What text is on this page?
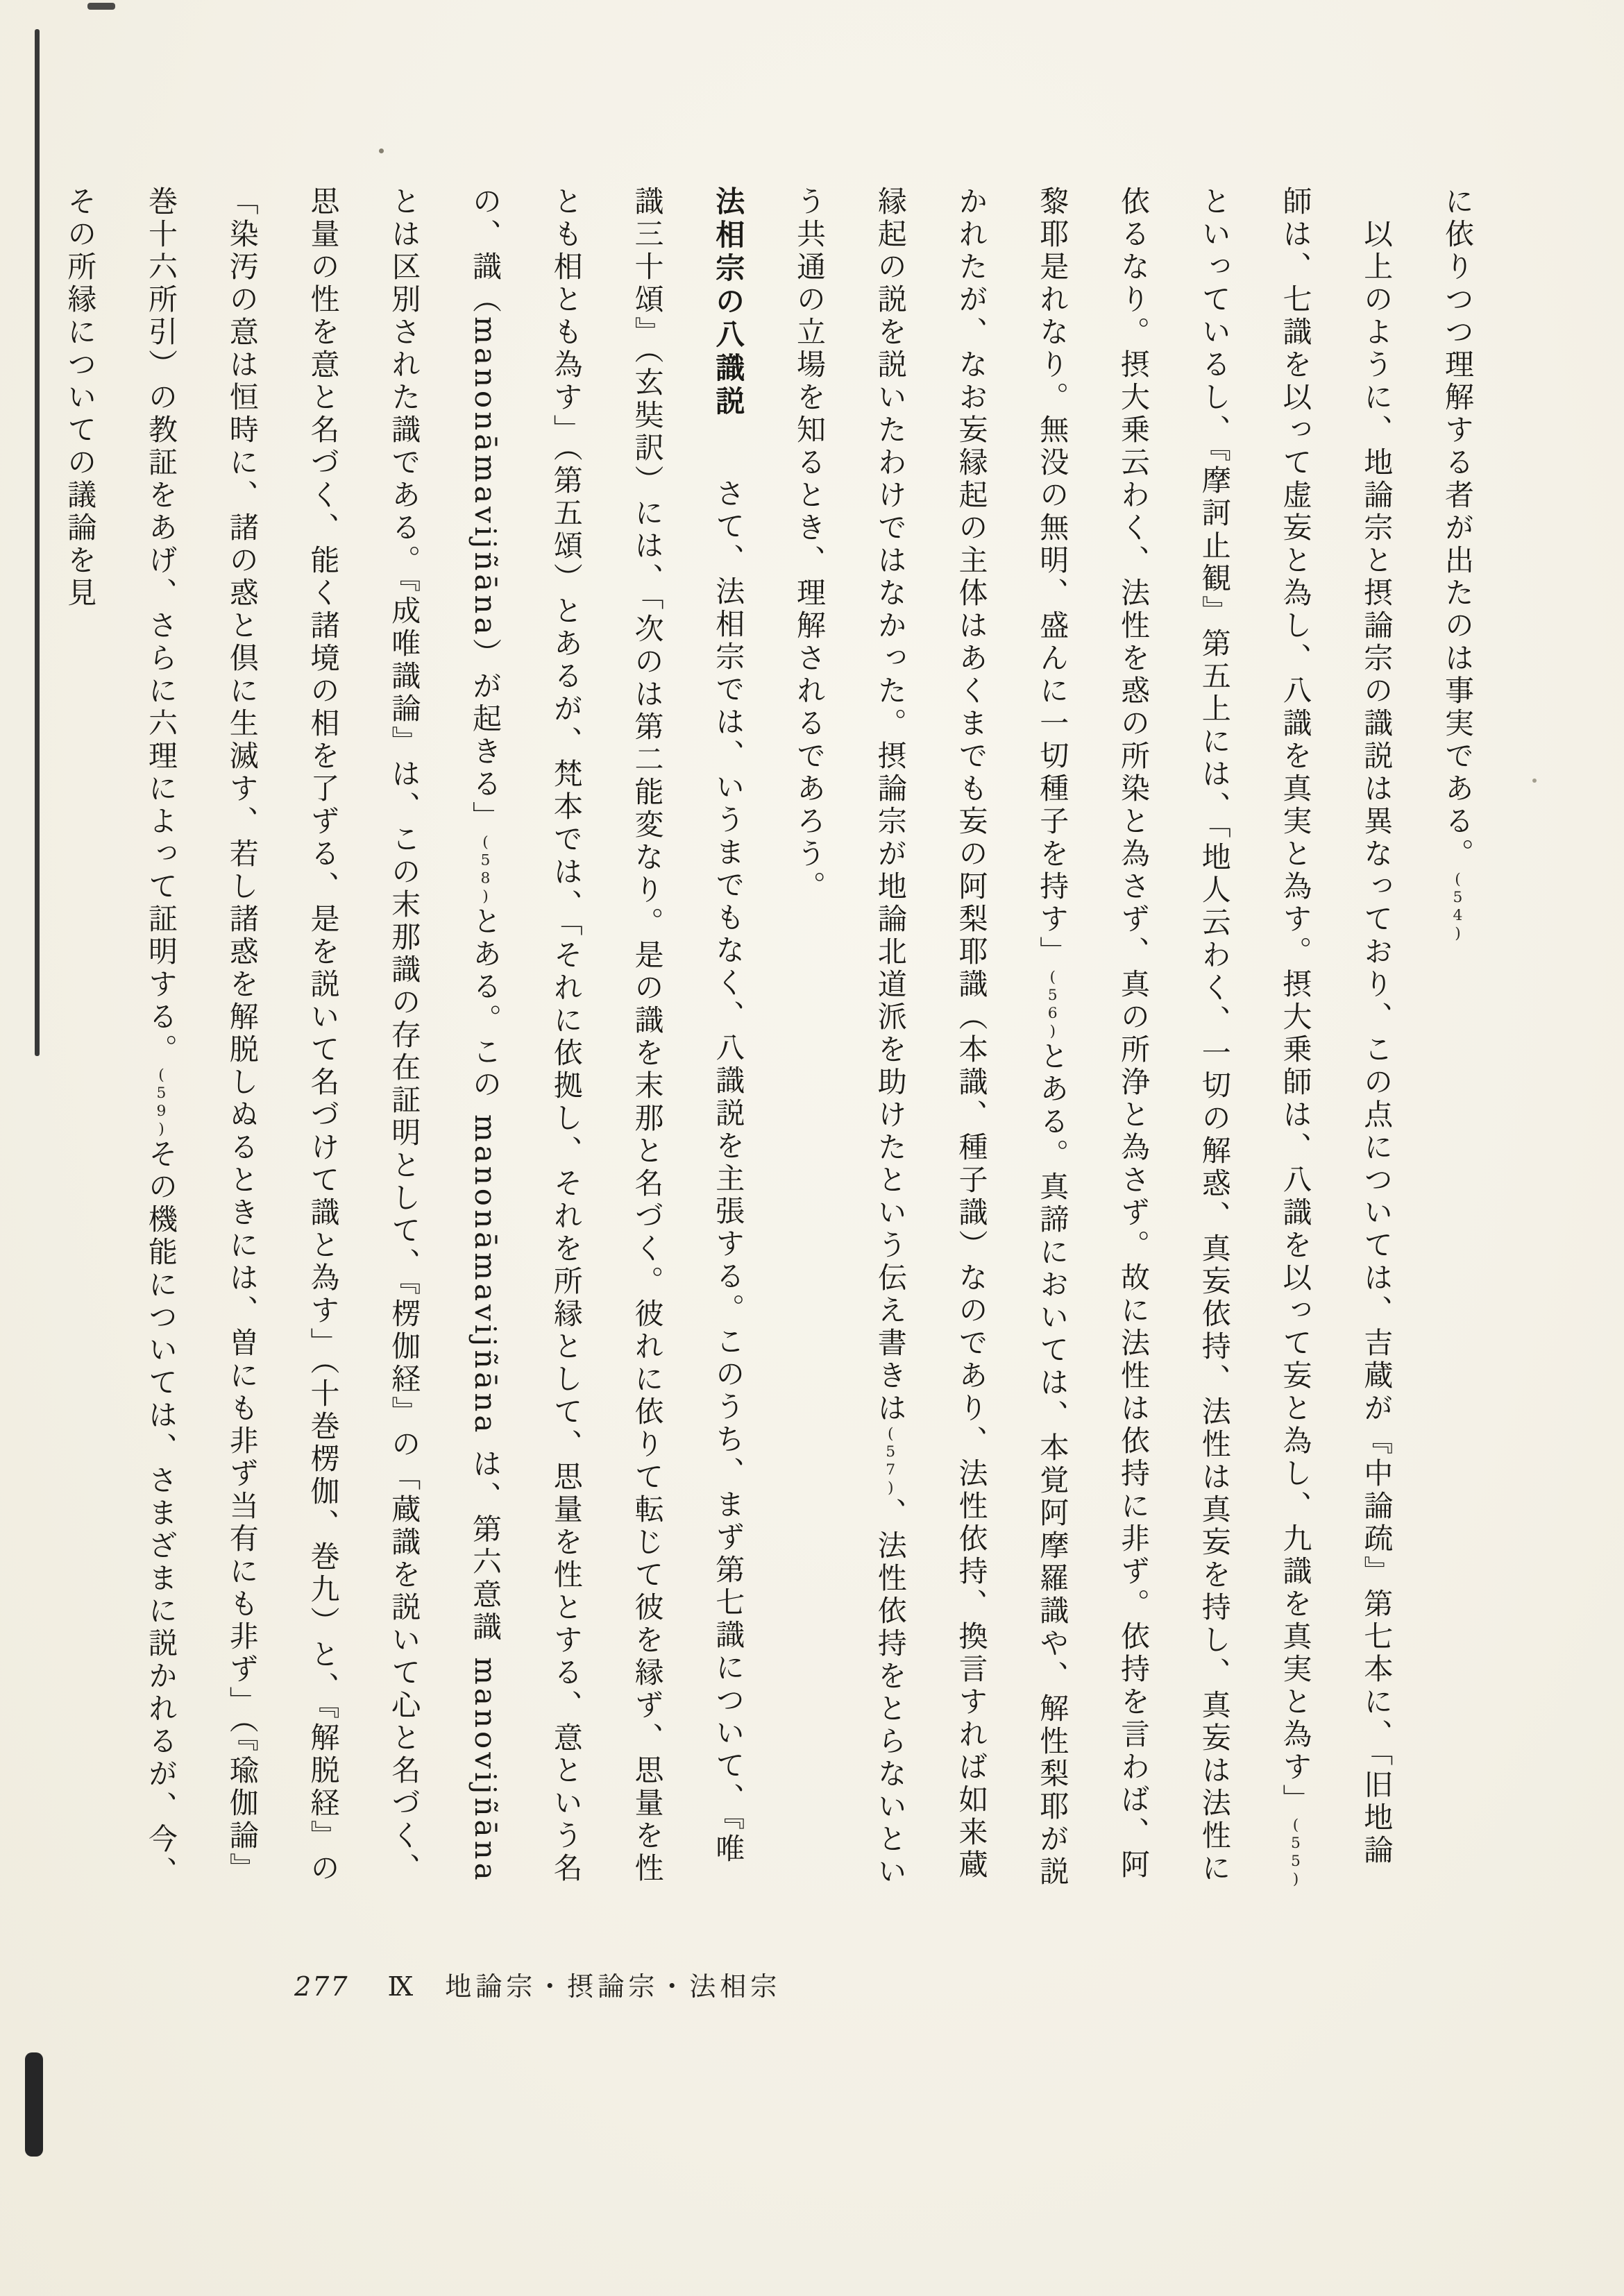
に依りつつ理解する者が出たのは事実である。(54)

　以上のように、地論宗と摂論宗の識説は異なっており、この点については、吉蔵が『中論疏』第七本に、「旧地論師は、七識を以って虚妄と為し、八識を真実と為す。摂大乗師は、八識を以って妄と為し、九識を真実と為す」(55)といっているし、『摩訶止観』第五上には、「地人云わく、一切の解惑、真妄依持、法性は真妄を持し、真妄は法性に依るなり。摂大乗云わく、法性を惑の所染と為さず、真の所浄と為さず。故に法性は依持に非ず。依持を言わば、阿黎耶是れなり。無没の無明、盛んに一切種子を持す」(56)とある。真諦においては、本覚阿摩羅識や、解性梨耶が説かれたが、なお妄縁起の主体はあくまでも妄の阿梨耶識（本識、種子識）なのであり、法性依持、換言すれば如来蔵縁起の説を説いたわけではなかった。摂論宗が地論北道派を助けたという伝え書きは(57)、法性依持をとらないという共通の立場を知るとき、理解されるであろう。

法相宗の八識説　さて、法相宗では、いうまでもなく、八識説を主張する。このうち、まず第七識について、『唯識三十頌』（玄奘訳）には、「次のは第二能変なり。是の識を末那と名づく。彼れに依りて転じて彼を縁ず、思量を性とも相とも為す」（第五頌）とあるが、梵本では、「それに依拠し、それを所縁として、思量を性とする、意という名の、識（manonāmavijñāna）が起きる」(58)とある。この manonāmavijñāna は、第六意識 manovijñāna とは区別された識である。『成唯識論』は、この末那識の存在証明として、『楞伽経』の「蔵識を説いて心と名づく、思量の性を意と名づく、能く諸境の相を了ずる、是を説いて名づけて識と為す」（十巻楞伽、巻九）と、『解脱経』の「染汚の意は恒時に、諸の惑と倶に生滅す、若し諸惑を解脱しぬるときには、曽にも非ず当有にも非ず」（『瑜伽論』巻十六所引）の教証をあげ、さらに六理によって証明する。(59)その機能については、さまざまに説かれるが、今、その所縁についての議論を見

277 Ⅸ 地論宗・摂論宗・法相宗
